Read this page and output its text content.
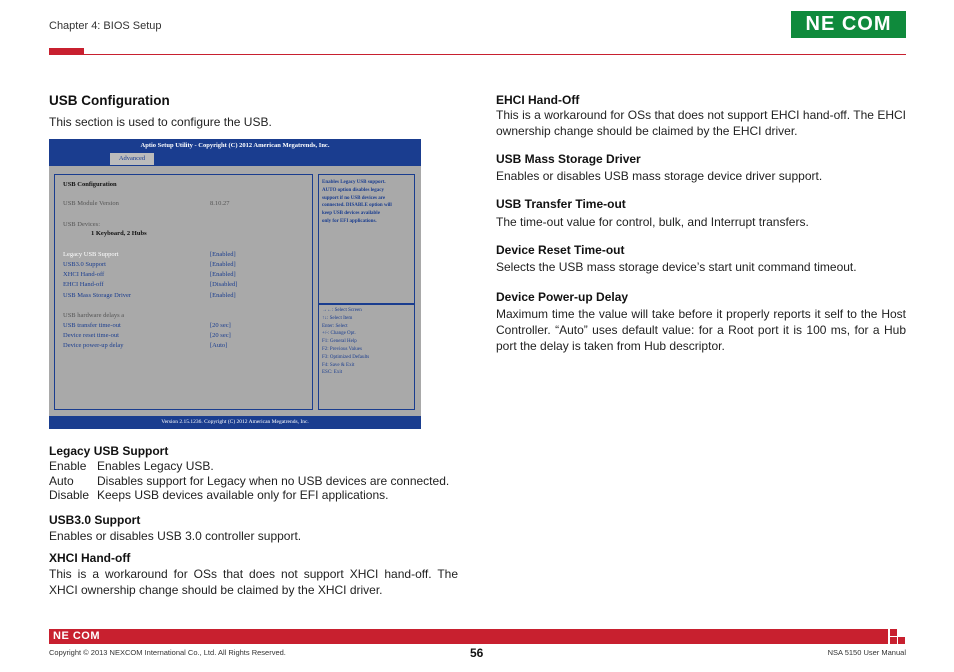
Chapter 4: BIOS Setup	NE COM
USB Configuration
This section is used to configure the USB.
Aptio Setup Utility - Copyright (C) 2012 American Megatrends, Inc.
Advanced
USB Configuration
USB Module Version	8.10.27
USB Devices:
1 Keyboard, 2 Hubs
Legacy USB Support	[Enabled]
USB3.0 Support	[Enabled]
XHCI Hand-off	[Enabled]
EHCI Hand-off	[Disabled]
USB Mass Storage Driver	[Enabled]
USB hardware delays a
USB transfer time-out	[20 sec]
Device reset time-out	[20 sec]
Device power-up delay	[Auto]
Enables Legacy USB support.
AUTO option disables legacy
support if no USB devices are
connected. DISABLE option will
keep USB devices available
only for EFI applications.
→←: Select Screen
↑↓: Select Item
Enter: Select
+/-: Change Opt.
F1: General Help
F2: Previous Values
F3: Optimized Defaults
F4: Save & Exit
ESC: Exit
Version 2.15.1236. Copyright (C) 2012 American Megatrends, Inc.
Legacy USB Support
Enable Enables Legacy USB.
Auto Disables support for Legacy when no USB devices are connected.
Disable Keeps USB devices available only for EFI applications.
USB3.0 Support
Enables or disables USB 3.0 controller support.
XHCI Hand-off
This is a workaround for OSs that does not support XHCI hand-off. The XHCI ownership change should be claimed by the XHCI driver.
EHCI Hand-Off
This is a workaround for OSs that does not support EHCI hand-off. The EHCI ownership change should be claimed by the EHCI driver.
USB Mass Storage Driver
Enables or disables USB mass storage device driver support.
USB Transfer Time-out
The time-out value for control, bulk, and Interrupt transfers.
Device Reset Time-out
Selects the USB mass storage device’s start unit command timeout.
Device Power-up Delay
Maximum time the value will take before it properly reports it self to the Host Controller. “Auto” uses default value: for a Root port it is 100 ms, for a Hub port the delay is taken from Hub descriptor.
NE COM
Copyright © 2013 NEXCOM International Co., Ltd. All Rights Reserved.	56	NSA 5150 User Manual
